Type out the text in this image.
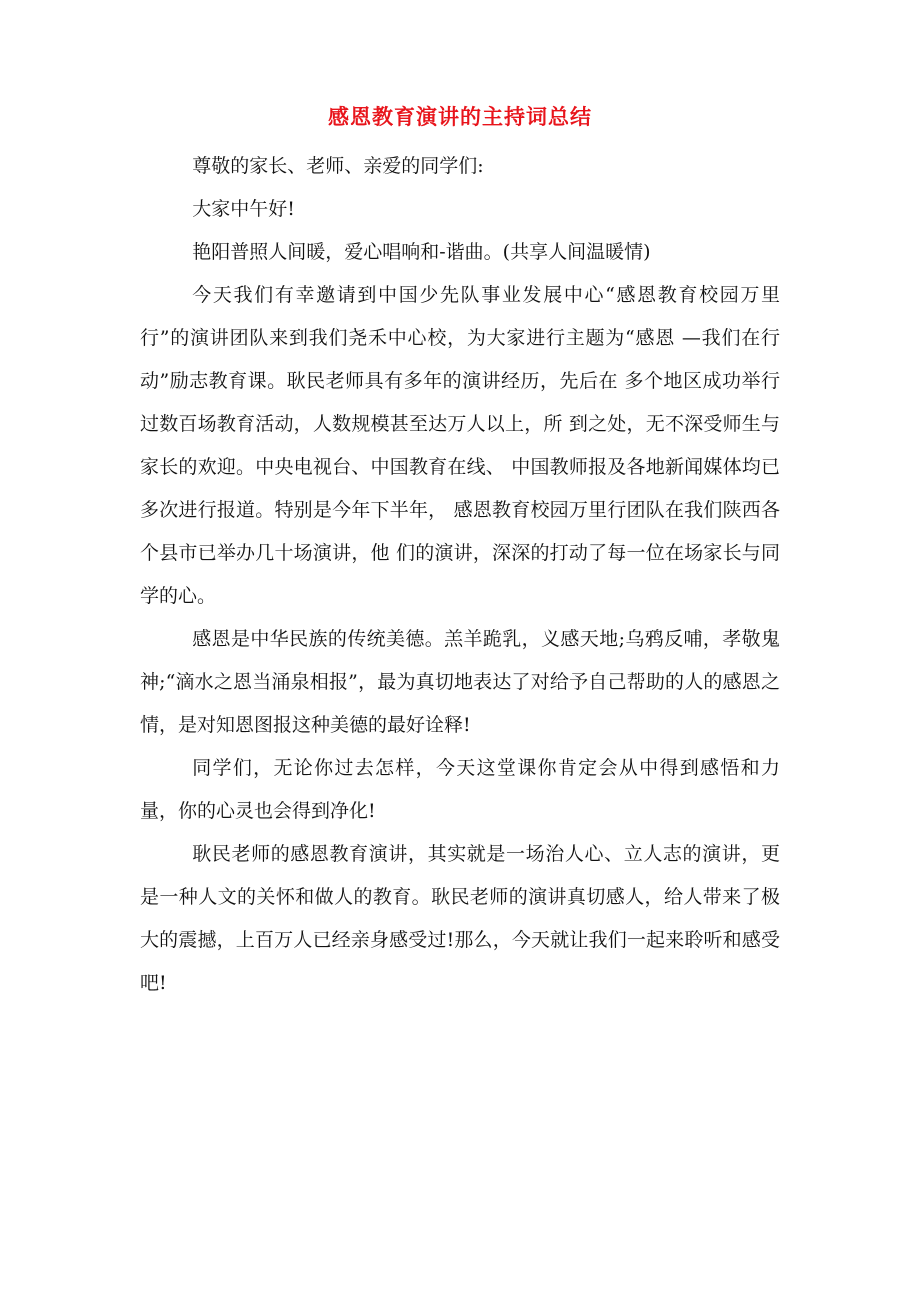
感恩教育演讲的主持词总结

尊敬的家长、老师、亲爱的同学们:

大家中午好!

艳阳普照人间暖，爱心唱响和-谐曲。(共享人间温暖情)

今天我们有幸邀请到中国少先队事业发展中心“感恩教育校园万里行”的演讲团队来到我们尧禾中心校，为大家进行主题为“感恩 —我们在行动”励志教育课。耿民老师具有多年的演讲经历，先后在 多个地区成功举行过数百场教育活动，人数规模甚至达万人以上，所 到之处，无不深受师生与家长的欢迎。中央电视台、中国教育在线、 中国教师报及各地新闻媒体均已多次进行报道。特别是今年下半年， 感恩教育校园万里行团队在我们陕西各个县市已举办几十场演讲，他 们的演讲，深深的打动了每一位在场家长与同学的心。

感恩是中华民族的传统美德。羔羊跪乳，义感天地;乌鸦反哺，孝敬鬼神;“滴水之恩当涌泉相报”，最为真切地表达了对给予自己帮助的人的感恩之情，是对知恩图报这种美德的最好诠释!

同学们，无论你过去怎样，今天这堂课你肯定会从中得到感悟和力量，你的心灵也会得到净化!

耿民老师的感恩教育演讲，其实就是一场治人心、立人志的演讲，更是一种人文的关怀和做人的教育。耿民老师的演讲真切感人，给人带来了极大的震撼，上百万人已经亲身感受过!那么，今天就让我们一起来聆听和感受吧!
